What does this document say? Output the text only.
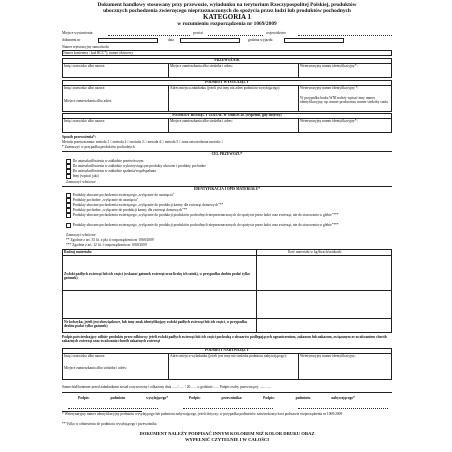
Dokument handlowy stosowany przy przewozie, wyładunku na terytorium Rzeczypospolitej Polskiej, produktów
ubocznych pochodzenia zwierzęcego nieprzeznaczonych do spożycia przez ludzi lub produktów pochodnych
KATEGORIA 1
w rozumieniu rozporządzenia nr 1069/2009
Miejsce wystawienia:	powiat	województwo
dokument nr	data	godzina wyjazdu
Numer rejestracyjny samochodu
Numer kontenera / kod RCC*), numer okresowy
PRZEWOŹNIK
Imię i nazwisko albo nazwa:	Miejsce zamieszkania albo siedziba i adres:	Weterynaryjny numer identyfikacyjny*:
PODMIOT WYSYŁAJĄCY
Imię i nazwisko albo nazwa:
Miejsce zamieszkania albo adres:
Adres miejsca załadunku (jeżeli jest inny niż adres podmiotu wysyłającego):	Weterynaryjny numer identyfikacyjny *:
W przypadku braku WNI należy wpisać inny numer identyfikacyjny, np. numer producenta, numer siedziby stada.
PODMIOT BIORĄCY UDZIAŁ W OBROCIE (wypełnić, gdy dotyczy)
Imię i nazwisko albo nazwa:	Miejsce zamieszkania albo siedziba i adres:	Weterynaryjny numer identyfikacyjny*:
Sposób przewożenia*:
Metoda przetwarzania: metoda 1 □ metoda 2 □ metoda 3 □ metoda 4 □ metoda 5 □ inna zatwierdzona metoda □
* Zaznaczyć w przypadku produktów pochodnych
CEL PRZEWOZU*
Do unieszkodliwienia w zakładzie przetwórczym
Do unieszkodliwienia w zakładzie wykorzystującym produkty uboczne i produkty pochodne
Do unieszkodliwienia w zakładzie spalania/współspalania
Inny (wpisać jaki)
Zaznaczyć właściwe
IDENTYFIKACJA I OPIS MATERIAŁU*
Produkty uboczne pochodzenia zwierzęcego „wyłącznie do usunięcia"
Produkty pochodne „wyłącznie do usunięcia"
Produkty uboczne pochodzenia zwierzęcego „wyłącznie do produkcji karmy dla zwierząt domowych"**
Produkty pochodne „wyłącznie do produkcji karmy dla zwierząt domowych"**
Produkty uboczne pochodzenia zwierzęcego „wyłącznie do produkcji produktów pochodnych nieprzeznaczonych do spożycia przez ludzi oraz zwierząt, nie do stosowania w glebie"***
Produkty uboczne pochodzenia zwierzęcego „wyłącznie do produkcji produktów pochodnych nieprzeznaczonych do spożycia przez ludzi oraz zwierząt, nie do stosowania w glebie"***
Zaznaczyć właściwe
** Zgodnie z art. 35 lit. a pkt ii rozporządzenia nr 1069/2009
*** Zgodnie z art. 12 lit. f rozporządzenia nr 1069/2009
Rodzaj materiału:	Ilość materiału w kg/litrach/sztukach:
Zwłoki padłych zwierząt lub ich części (wskazać gatunek zwierzęt oraz liczbę ich sztuk), w przypadku drobiu podać tylko gatunek)
Nr kolczyka, jeżeli jest obowiązkowe, lub inny znak identyfikujący zwłoki padłych zwierząt lub ich części, w przypadku drobiu podać tylko gatunek)
Podpis potwierdzający odbiór produktu przez odbiorcę: jeżeli zwłoki padłych zwierząt lub ich części pochodzą z obszarów podlegających ograniczeniom, zakazom lub nakazom, związanym ze zwalczaniem chorób zakaźnych zwierząt oraz zwalczania chorób zakaźnych zwierząt
PODMIOT NABYWAJĄCY
Imię i nazwisko albo nazwa:
Miejsce zamieszkania albo siedziba i adres:
Adres miejsca wyładunku (jeżeli jest inny niż siedziba podmiotu nabywającego):	Weterynaryjny numer identyfikacyjny:
Samochód/kontener przed załadunkiem został oczyszczony i odkażony dnia ..... / ..... / 20....... o godzinie ...... Podpis osoby przewożącej: ............
Podpis: podmiotu wysyłającego* Podpis: przewoźnika: Podpis: podmiotu nabywającego*
* Weterynaryjny numer identyfikacyjny podmiotu wysyłającego lub podmiotu nabywającego, jeżeli dotyczy; w przypadku podmiotów zatwierdzonych na podstawie rozporządzenia nr 1069/2009
** Tylko w odniesieniu do podmiotu wysyłającego i przewoźnika
DOKUMENT NALEŻY PODPISAĆ INNYM KOLOREM NIŻ KOLOR DRUKU ORAZ
WYPEŁNIĆ CZYTELNIE I W CAŁOŚCI
